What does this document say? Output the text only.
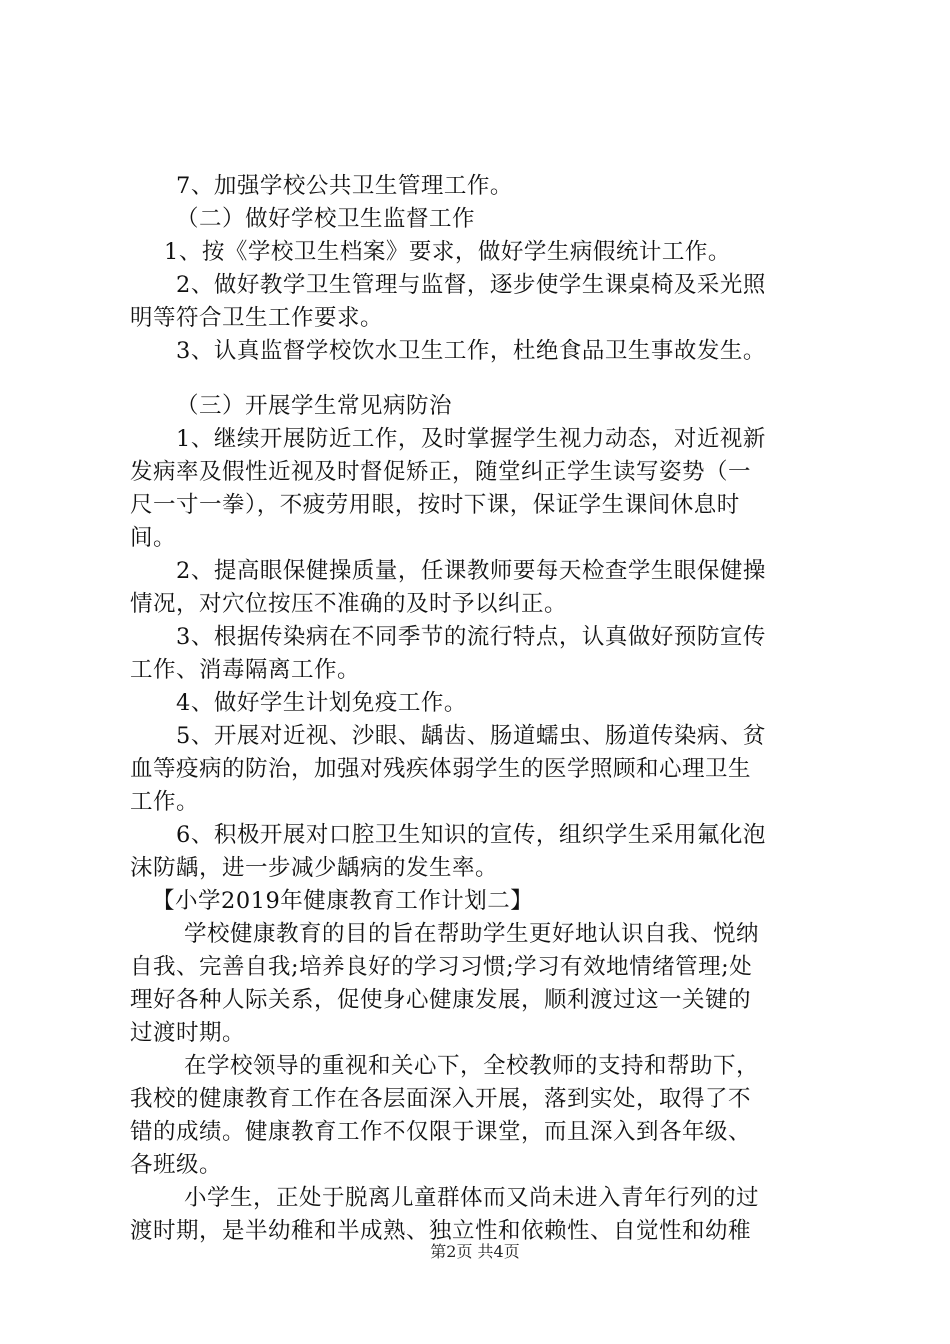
7、加强学校公共卫生管理工作。
（二）做好学校卫生监督工作
1、按《学校卫生档案》要求，做好学生病假统计工作。
2、做好教学卫生管理与监督，逐步使学生课桌椅及采光照
明等符合卫生工作要求。
3、认真监督学校饮水卫生工作，杜绝食品卫生事故发生。
（三）开展学生常见病防治
1、继续开展防近工作，及时掌握学生视力动态，对近视新
发病率及假性近视及时督促矫正，随堂纠正学生读写姿势（一
尺一寸一拳），不疲劳用眼，按时下课，保证学生课间休息时
间。
2、提高眼保健操质量，任课教师要每天检查学生眼保健操
情况，对穴位按压不准确的及时予以纠正。
3、根据传染病在不同季节的流行特点，认真做好预防宣传
工作、消毒隔离工作。
4、做好学生计划免疫工作。
5、开展对近视、沙眼、龋齿、肠道蠕虫、肠道传染病、贫
血等疫病的防治，加强对残疾体弱学生的医学照顾和心理卫生
工作。
6、积极开展对口腔卫生知识的宣传，组织学生采用氟化泡
沫防龋，进一步减少龋病的发生率。
【小学2019年健康教育工作计划二】
学校健康教育的目的旨在帮助学生更好地认识自我、悦纳
自我、完善自我;培养良好的学习习惯;学习有效地情绪管理;处
理好各种人际关系，促使身心健康发展，顺利渡过这一关键的
过渡时期。
在学校领导的重视和关心下，全校教师的支持和帮助下，
我校的健康教育工作在各层面深入开展，落到实处，取得了不
错的成绩。健康教育工作不仅限于课堂，而且深入到各年级、
各班级。
小学生，正处于脱离儿童群体而又尚未进入青年行列的过
渡时期，是半幼稚和半成熟、独立性和依赖性、自觉性和幼稚
第2页 共4页
